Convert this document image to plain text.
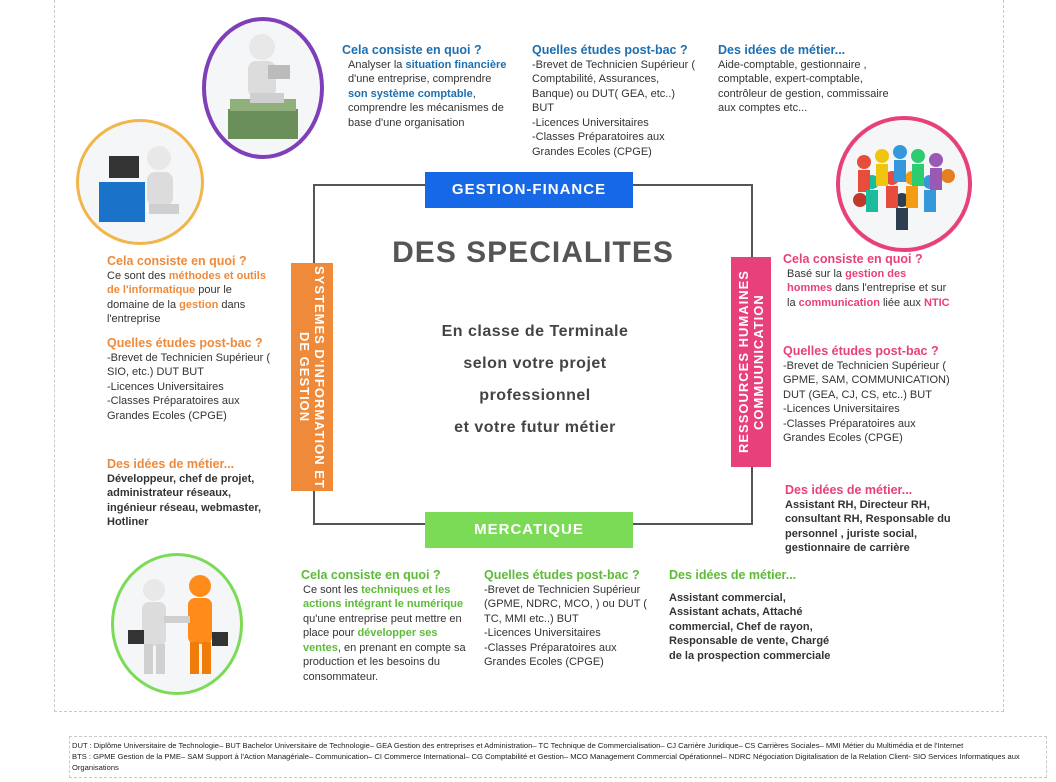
GESTION-FINANCE
MERCATIQUE
SYSTEMES D'INFORMATION ET DE GESTION	RESSOURCES HUMAINES COMMUUNICATION
DES SPECIALITES
En classe de Terminale
selon votre projet
professionnel
et votre futur métier
Cela consiste en quoi ?
Analyser la situation financière d'une entreprise, comprendre son système comptable, comprendre les mécanismes de base d'une organisation
Quelles études post-bac ?
-Brevet de Technicien Supérieur ( Comptabilité, Assurances, Banque) ou DUT( GEA, etc..) BUT
-Licences Universitaires
-Classes Préparatoires aux Grandes Ecoles (CPGE)
Des idées de métier...
Aide-comptable, gestionnaire , comptable, expert-comptable, contrôleur de gestion, commissaire aux comptes etc...
Cela consiste en quoi ?
Ce sont des méthodes et outils de l'informatique pour le domaine de la gestion dans l'entreprise
Quelles études post-bac ?
-Brevet de Technicien Supérieur ( SIO, etc.) DUT BUT
-Licences Universitaires
-Classes Préparatoires aux Grandes Ecoles (CPGE)
Des idées de métier...
Développeur, chef de projet, administrateur réseaux, ingénieur réseau, webmaster, Hotliner
Cela consiste en quoi ?
Basé sur la gestion des hommes dans l'entreprise et sur la communication liée aux NTIC
Quelles études post-bac ?
-Brevet de Technicien Supérieur ( GPME, SAM, COMMUNICATION) DUT (GEA, CJ, CS, etc..) BUT
-Licences Universitaires
-Classes Préparatoires aux Grandes Ecoles (CPGE)
Des idées de métier...
Assistant RH, Directeur RH, consultant RH, Responsable du personnel , juriste social, gestionnaire de carrière
Cela consiste en quoi ?
Ce sont les techniques et les actions intégrant le numérique qu'une entreprise peut mettre en place pour développer ses ventes, en prenant en compte sa production et les besoins du consommateur.
Quelles études post-bac ?
-Brevet de Technicien Supérieur (GPME, NDRC, MCO, ) ou DUT ( TC, MMI etc..) BUT
-Licences Universitaires
-Classes Préparatoires aux Grandes Ecoles (CPGE)
Des idées de métier...
Assistant commercial, Assistant achats, Attaché commercial, Chef de rayon, Responsable de vente, Chargé de la prospection commerciale
DUT : Diplôme Universitaire de Technologie– BUT Bachelor Universitaire de Technologie– GEA Gestion des entreprises et Administration– TC Technique de Commercialisation– CJ Carrière Juridique– CS Carrières Sociales– MMI Métier du Multimédia et de l'Internet
BTS : GPME Gestion de la PME– SAM Support à l'Action Managériale– Communication– CI Commerce International– CG Comptabilité et Gestion– MCO Management Commercial Opérationnel– NDRC Négociation Digitalisation de la Relation Client- SIO Services Informatiques aux
Organisations
